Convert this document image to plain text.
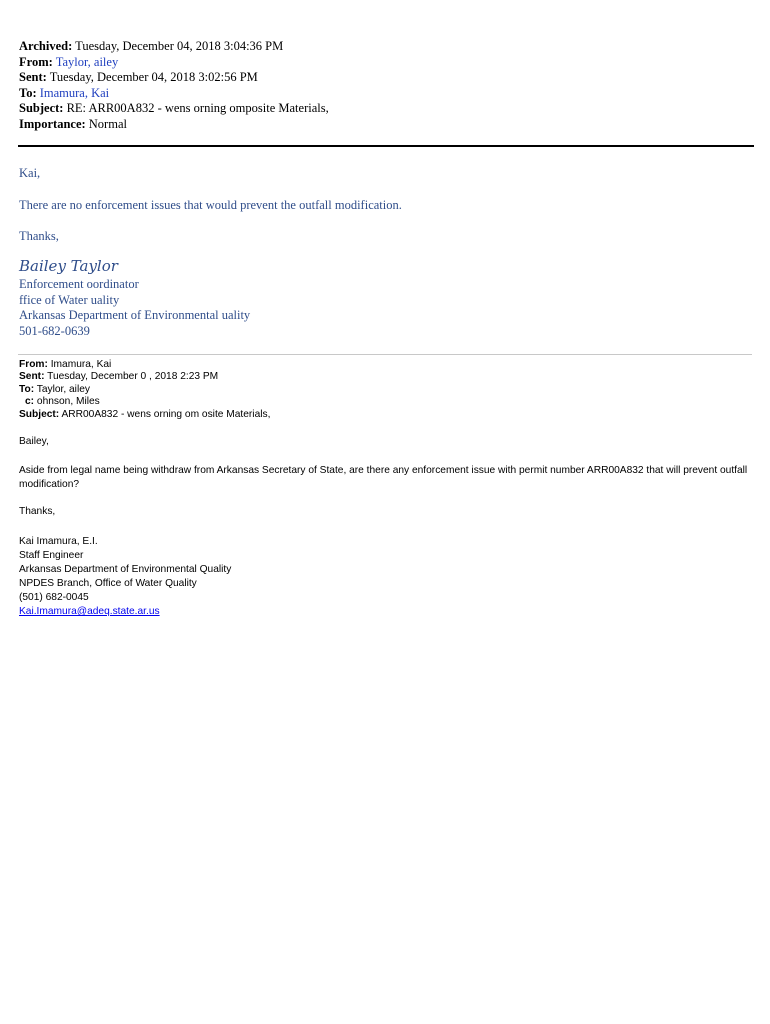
Archived: Tuesday, December 04, 2018 3:04:36 PM
From: Taylor, ailey
Sent: Tuesday, December 04, 2018 3:02:56 PM
To: Imamura, Kai
Subject: RE: ARR00A832 - wens orning omposite Materials,
Importance: Normal
Kai,
There are no enforcement issues that would prevent the outfall modification.
Thanks,
Bailey Taylor
Enforcement oordinator
ffice of Water uality
Arkansas Department of Environmental uality
501-682-0639
From: Imamura, Kai
Sent: Tuesday, December 0 , 2018 2:23 PM
To: Taylor, ailey
c: ohnson, Miles
Subject: ARR00A832 - wens orning om osite Materials,
Bailey,
Aside from legal name being withdraw from Arkansas Secretary of State, are there any enforcement issue with permit number ARR00A832 that will prevent outfall modification?
Thanks,
Kai Imamura, E.I.
Staff Engineer
Arkansas Department of Environmental Quality
NPDES Branch, Office of Water Quality
(501) 682-0045
Kai.Imamura@adeq.state.ar.us
